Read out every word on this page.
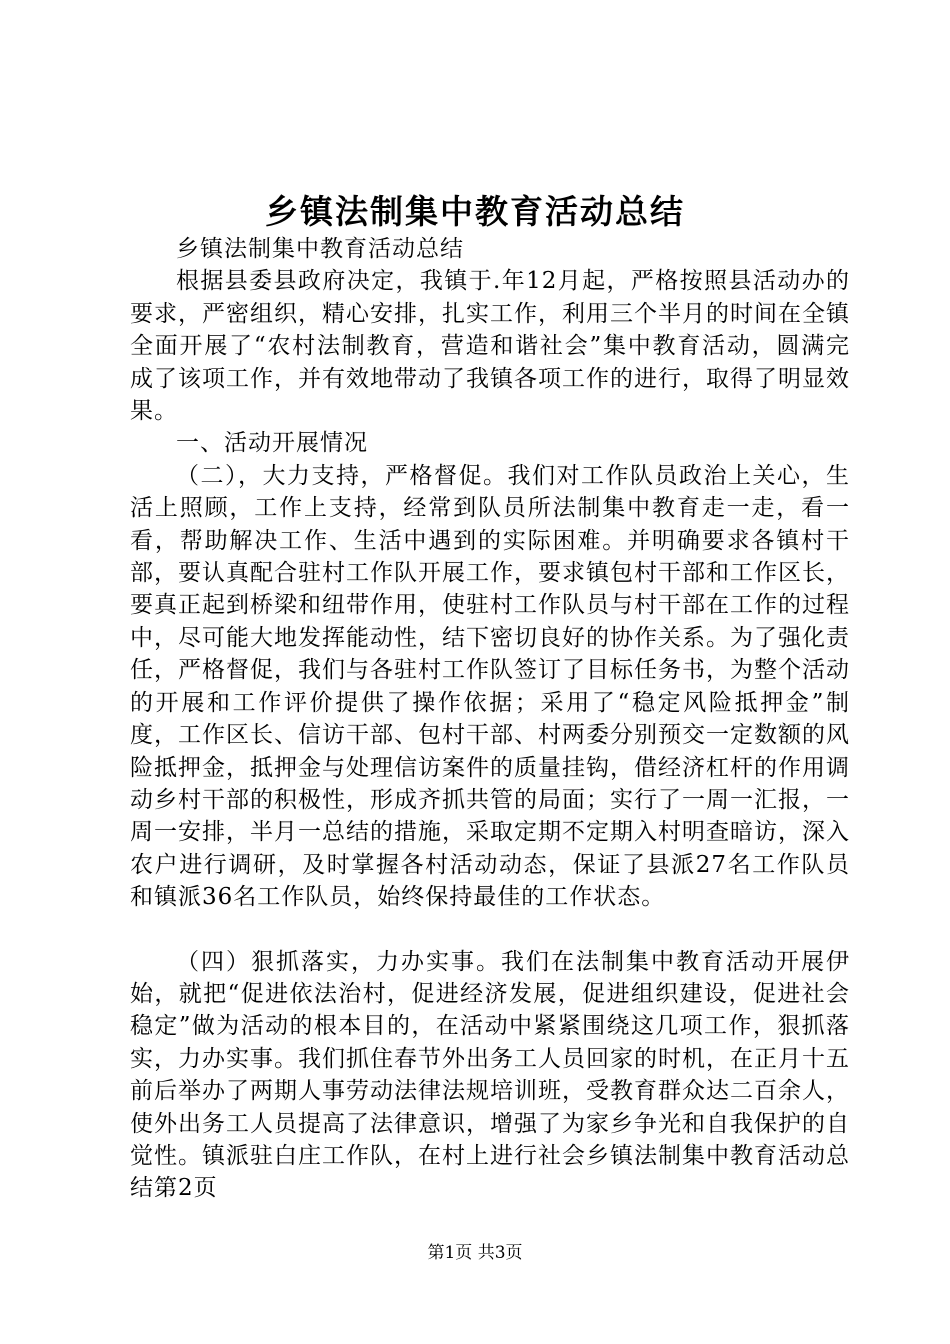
乡镇法制集中教育活动总结

乡镇法制集中教育活动总结

根据县委县政府决定，我镇于.年12月起，严格按照县活动办的要求，严密组织，精心安排，扎实工作，利用三个半月的时间在全镇全面开展了“农村法制教育，营造和谐社会”集中教育活动，圆满完成了该项工作，并有效地带动了我镇各项工作的进行，取得了明显效果。

一、活动开展情况

（二），大力支持，严格督促。我们对工作队员政治上关心，生活上照顾，工作上支持，经常到队员所法制集中教育走一走，看一看，帮助解决工作、生活中遇到的实际困难。并明确要求各镇村干部，要认真配合驻村工作队开展工作，要求镇包村干部和工作区长，要真正起到桥梁和纽带作用，使驻村工作队员与村干部在工作的过程中，尽可能大地发挥能动性，结下密切良好的协作关系。为了强化责任，严格督促，我们与各驻村工作队签订了目标任务书，为整个活动的开展和工作评价提供了操作依据；采用了“稳定风险抵押金”制度，工作区长、信访干部、包村干部、村两委分别预交一定数额的风险抵押金，抵押金与处理信访案件的质量挂钩，借经济杠杆的作用调动乡村干部的积极性，形成齐抓共管的局面；实行了一周一汇报，一周一安排，半月一总结的措施，采取定期不定期入村明查暗访，深入农户进行调研，及时掌握各村活动动态，保证了县派27名工作队员和镇派36名工作队员，始终保持最佳的工作状态。

（四）狠抓落实，力办实事。我们在法制集中教育活动开展伊始，就把“促进依法治村，促进经济发展，促进组织建设，促进社会稳定”做为活动的根本目的，在活动中紧紧围绕这几项工作，狠抓落实，力办实事。我们抓住春节外出务工人员回家的时机，在正月十五前后举办了两期人事劳动法律法规培训班，受教育群众达二百余人，使外出务工人员提高了法律意识，增强了为家乡争光和自我保护的自觉性。镇派驻白庄工作队，在村上进行社会乡镇法制集中教育活动总结第2页

第1页 共3页
